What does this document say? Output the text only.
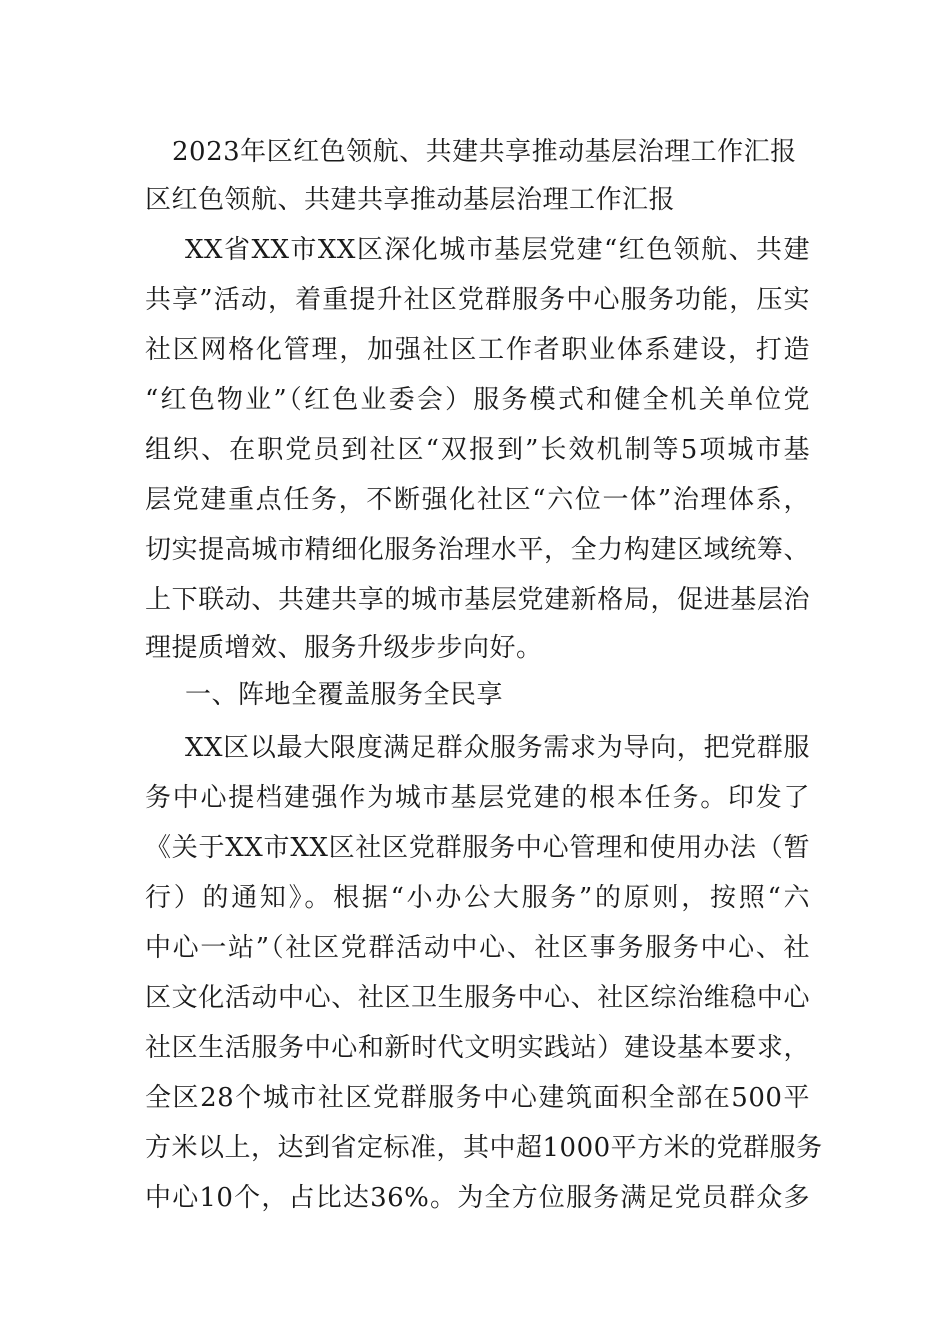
2023年区红色领航、共建共享推动基层治理工作汇报
区红色领航、共建共享推动基层治理工作汇报
XX省XX市XX区深化城市基层党建“红色领航、共建
共享”活动，着重提升社区党群服务中心服务功能，压实
社区网格化管理，加强社区工作者职业体系建设，打造
“红色物业”（红色业委会）服务模式和健全机关单位党
组织、在职党员到社区“双报到”长效机制等5项城市基
层党建重点任务，不断强化社区“六位一体”治理体系，
切实提高城市精细化服务治理水平，全力构建区域统筹、
上下联动、共建共享的城市基层党建新格局，促进基层治
理提质增效、服务升级步步向好。
一、阵地全覆盖服务全民享
XX区以最大限度满足群众服务需求为导向，把党群服
务中心提档建强作为城市基层党建的根本任务。印发了
《关于XX市XX区社区党群服务中心管理和使用办法（暂
行）的通知》。根据“小办公大服务”的原则，按照“六
中心一站”（社区党群活动中心、社区事务服务中心、社
区文化活动中心、社区卫生服务中心、社区综治维稳中心
社区生活服务中心和新时代文明实践站）建设基本要求，
全区28个城市社区党群服务中心建筑面积全部在500平
方米以上，达到省定标准，其中超1000平方米的党群服务
中心10个，占比达36%。为全方位服务满足党员群众多
